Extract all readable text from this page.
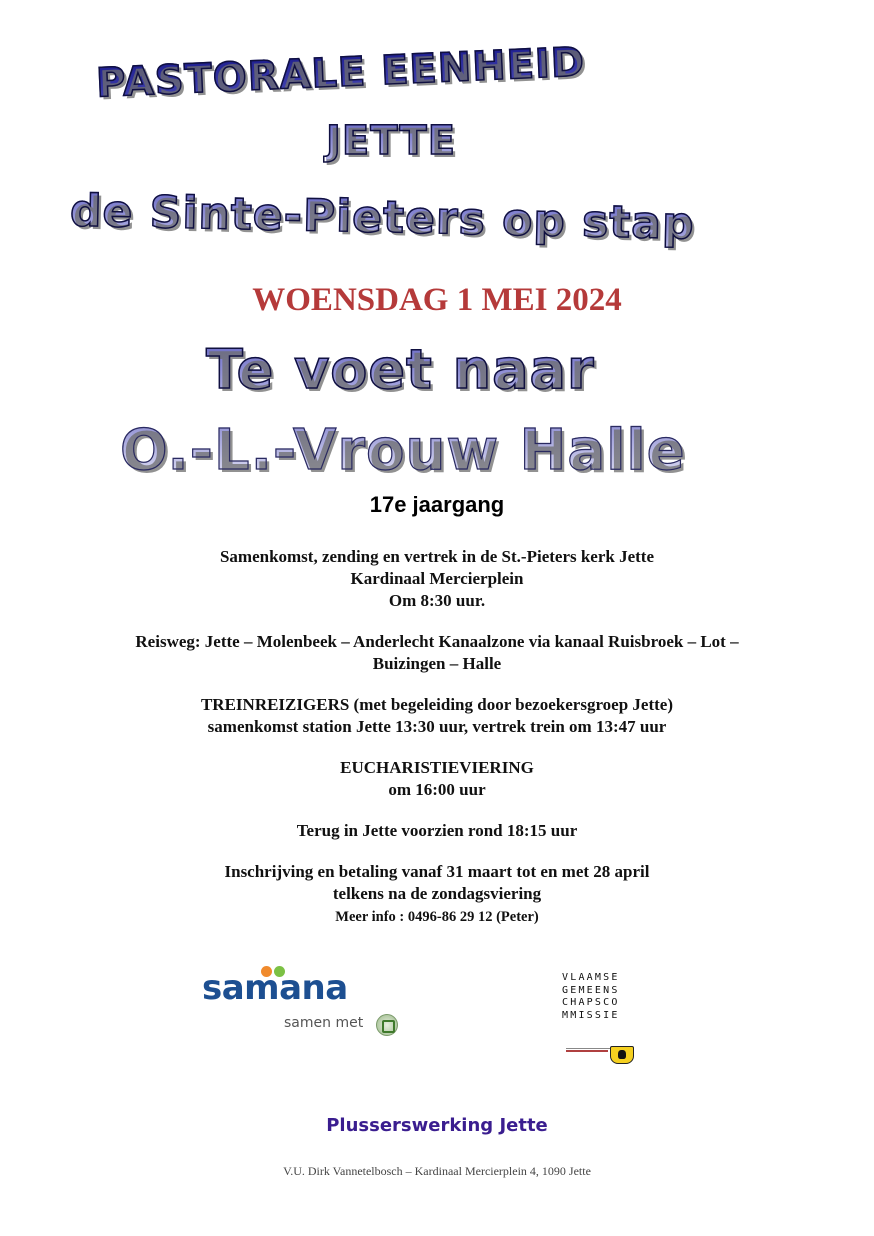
PASTORALE EENHEID
JETTE
de Sinte-Pieters op stap

WOENSDAG 1 MEI 2024

Te voet naar
O.-L.-Vrouw Halle

17e jaargang

Samenkomst, zending en vertrek in de St.-Pieters kerk Jette
Kardinaal Mercierplein
Om 8:30 uur.

Reisweg: Jette – Molenbeek – Anderlecht Kanaalzone via kanaal Ruisbroek – Lot –
Buizingen – Halle

TREINREIZIGERS (met begeleiding door bezoekersgroep Jette)
samenkomst station Jette 13:30 uur, vertrek trein om 13:47 uur

EUCHARISTIEVIERING
om 16:00 uur

Terug in Jette voorzien rond 18:15 uur

Inschrijving en betaling vanaf 31 maart tot en met 28 april
telkens na de zondagsviering
Meer info : 0496-86 29 12 (Peter)

samana

samen met

VLAAMSE
GEMEENS
CHAPSCO
MMISSIE

Plusserswerking Jette

V.U. Dirk Vannetelbosch – Kardinaal Mercierplein 4, 1090 Jette
